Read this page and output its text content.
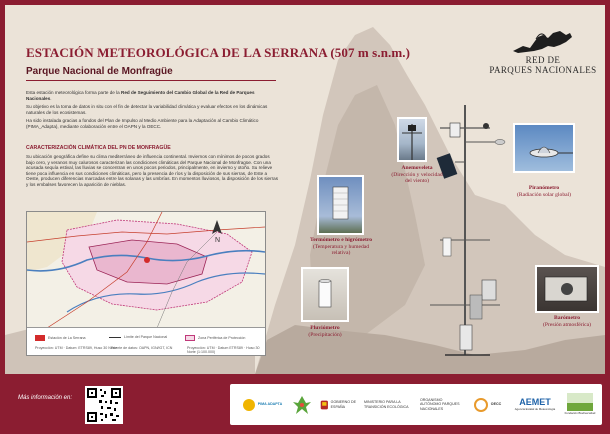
RED DE
PARQUES NACIONALES
ESTACIÓN METEOROLÓGICA DE LA SERRANA (507 m s.n.m.)
Parque Nacional de Monfragüe

Esta estación meteorológica forma parte de la Red de Seguimiento del Cambio Global de la Red de Parques Nacionales.

Su objetivo es la toma de datos in situ con el fin de detectar la variabilidad climática y evaluar efectos en los dinámicas naturales de los ecosistemas.

Ha sido instalada gracias a fondos del Plan de Impulso al Medio Ambiente para la Adaptación al Cambio Climático (PIMA_Adapta), mediante colaboración entre el OAPN y la OECC.

CARACTERIZACIÓN CLIMÁTICA DEL PN DE MONFRAGÜE

Su ubicación geográfica define su clima mediterráneo de influencia continental. Inviernos con mínimos de pocos grados bajo cero, y veranos muy calurosos caracterizan las condiciones climáticas del Parque Nacional de Monfragüe. Con una acusada sequía estival, las lluvias se concentran en unos pocos periodos, principalmente, en invierno y otoño. Su relieve tiene poca influencia en sus condiciones climáticas, pero la presencia de ríos y la disposición de sus sierras, de Este a Oeste, producen diferencias marcadas entre las solanas y las umbrías. En momentos lluviosos, la disposición de los sierras y los embalses favorecen la aparición de nieblas.

N
Estación de La Serrana	Límite del Parque Nacional	Zona Periférica de Protección
Proyección: UTM · Datum: ETRS89, Huso 30 Norte
Fuente de datos: OAPN, IGN/IGT, ICN	Proyección: UTM · Datum ETRS89 · Huso 30 Norte (1:100.000)
Anemoveleta
(Dirección y velocidad del viento)
Piranómetro
(Radiación solar global)
Termómetro e higrómetro
(Temperatura y humedad relativa)
Pluviómetro
(Precipitación)
Barómetro
(Presión atmosférica)
Más información en:
PIMA ADAPTA
GOBIERNO DE ESPAÑA
MINISTERIO PARA LA TRANSICIÓN ECOLÓGICA
ORGANISMO AUTÓNOMO PARQUES NACIONALES
OECC AEMET
Agencia Estatal de Meteorología
Fundación Biodiversidad
